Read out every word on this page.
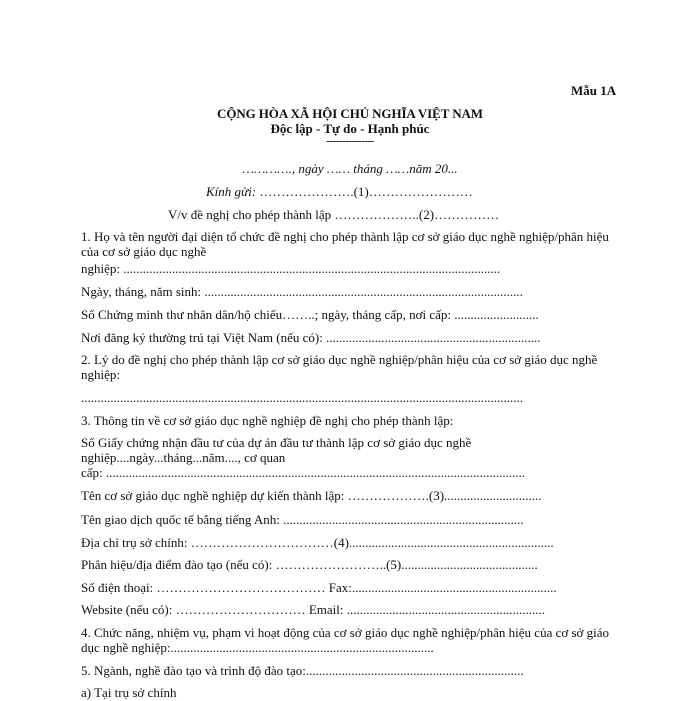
Mẫu 1A
CỘNG HÒA XÃ HỘI CHỦ NGHĨA VIỆT NAM
Độc lập - Tự do - Hạnh phúc
---------------
…………., ngày …… tháng ……năm 20...
Kính gửi: ………………….(1)……………………
V/v đề nghị cho phép thành lập ………………..(2)……………
1. Họ và tên người đại diện tổ chức đề nghị cho phép thành lập cơ sở giáo dục nghề nghiệp/phân hiệu của cơ sở giáo dục nghề
nghiệp: ....................................................................................................................
Ngày, tháng, năm sinh: ..................................................................................................
Số Chứng minh thư nhân dân/hộ chiếu……..; ngày, tháng cấp, nơi cấp: ..........................
Nơi đăng ký thường trú tại Việt Nam (nếu có): ..................................................................
2. Lý do đề nghị cho phép thành lập cơ sở giáo dục nghề nghiệp/phân hiệu của cơ sở giáo dục nghề nghiệp:
........................................................................................................................................
3. Thông tin về cơ sở giáo dục nghề nghiệp đề nghị cho phép thành lập:
Số Giấy chứng nhận đầu tư của dự án đầu tư thành lập cơ sở giáo dục nghề
nghiệp....ngày...tháng...năm...., cơ quan
cấp: .................................................................................................................................
Tên cơ sở giáo dục nghề nghiệp dự kiến thành lập: ……………….(3)..............................
Tên giao dịch quốc tế bằng tiếng Anh: ..........................................................................
Địa chỉ trụ sở chính: ……………………………(4)...............................................................
Phân hiệu/địa điểm đào tạo (nếu có): ……………………..(5)..........................................
Số điện thoại: ………………………………… Fax:...............................................................
Website (nếu có): ………………………… Email: .............................................................
4. Chức năng, nhiệm vụ, phạm vi hoạt động của cơ sở giáo dục nghề nghiệp/phân hiệu của cơ sở giáo dục nghề nghiệp:.................................................................................
5. Ngành, nghề đào tạo và trình độ đào tạo:...................................................................
a) Tại trụ sở chính
